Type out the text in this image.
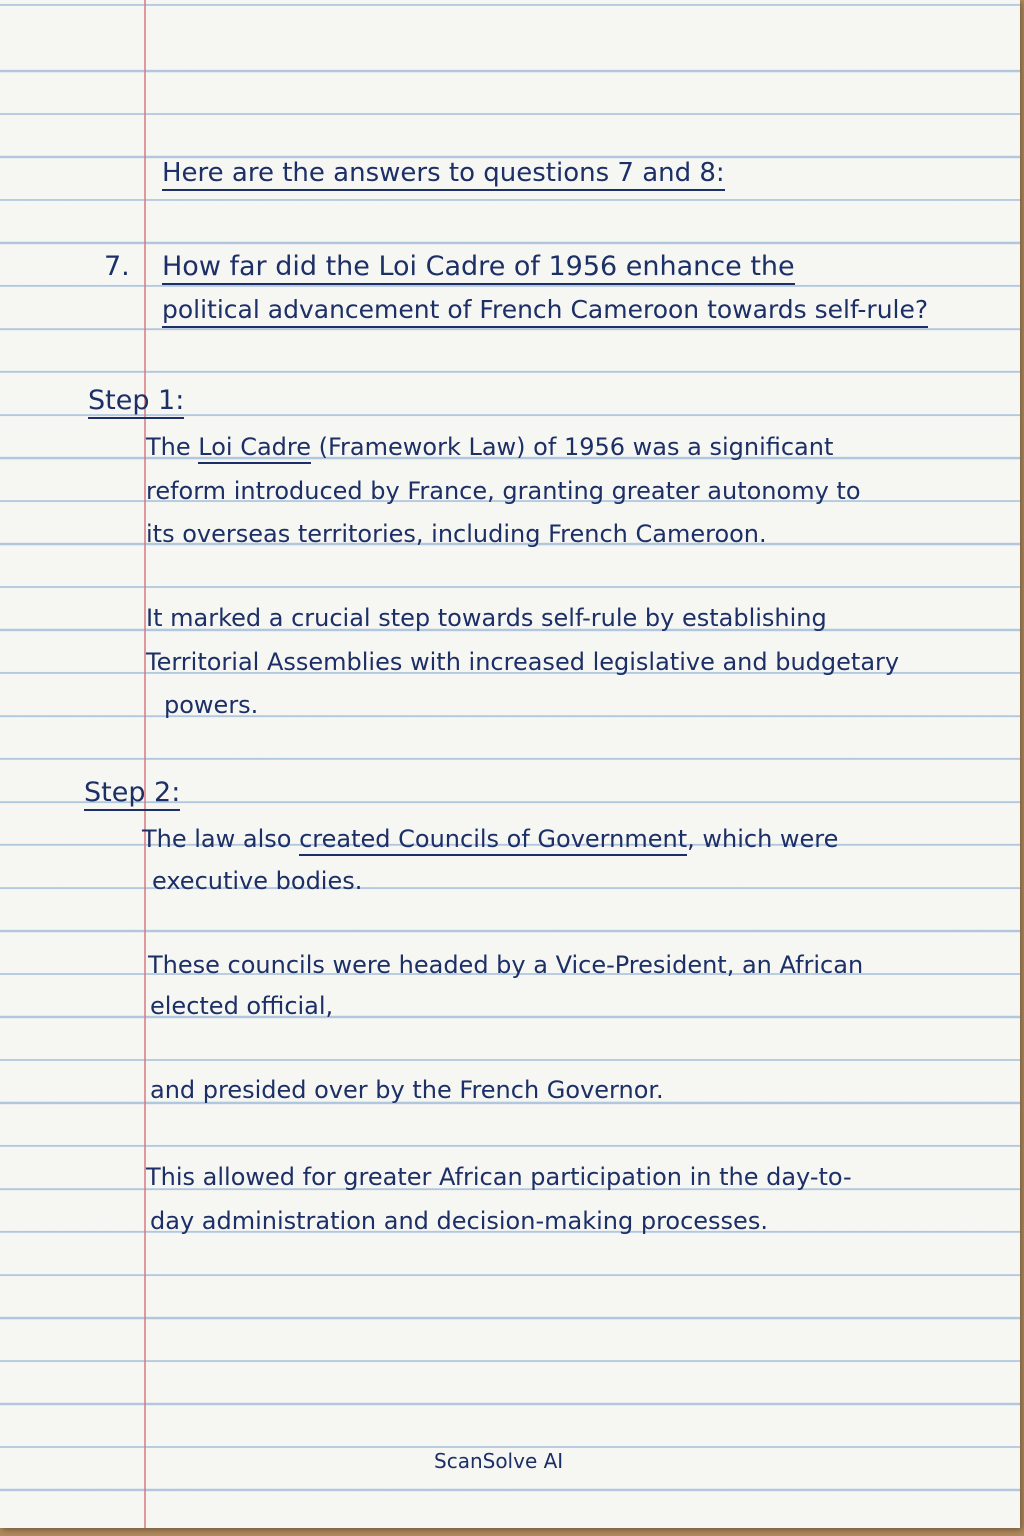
Here are the answers to questions 7 and 8:
7. How far did the Loi Cadre of 1956 enhance the
political advancement of French Cameroon towards self-rule?
Step 1:
The Loi Cadre (Framework Law) of 1956 was a significant
reform introduced by France, granting greater autonomy to
its overseas territories, including French Cameroon.
It marked a crucial step towards self-rule by establishing
Territorial Assemblies with increased legislative and budgetary
powers.
Step 2:
The law also created Councils of Government, which were
executive bodies.
These councils were headed by a Vice-President, an African
elected official,
and presided over by the French Governor.
This allowed for greater African participation in the day-to-
day administration and decision-making processes.
ScanSolve AI
